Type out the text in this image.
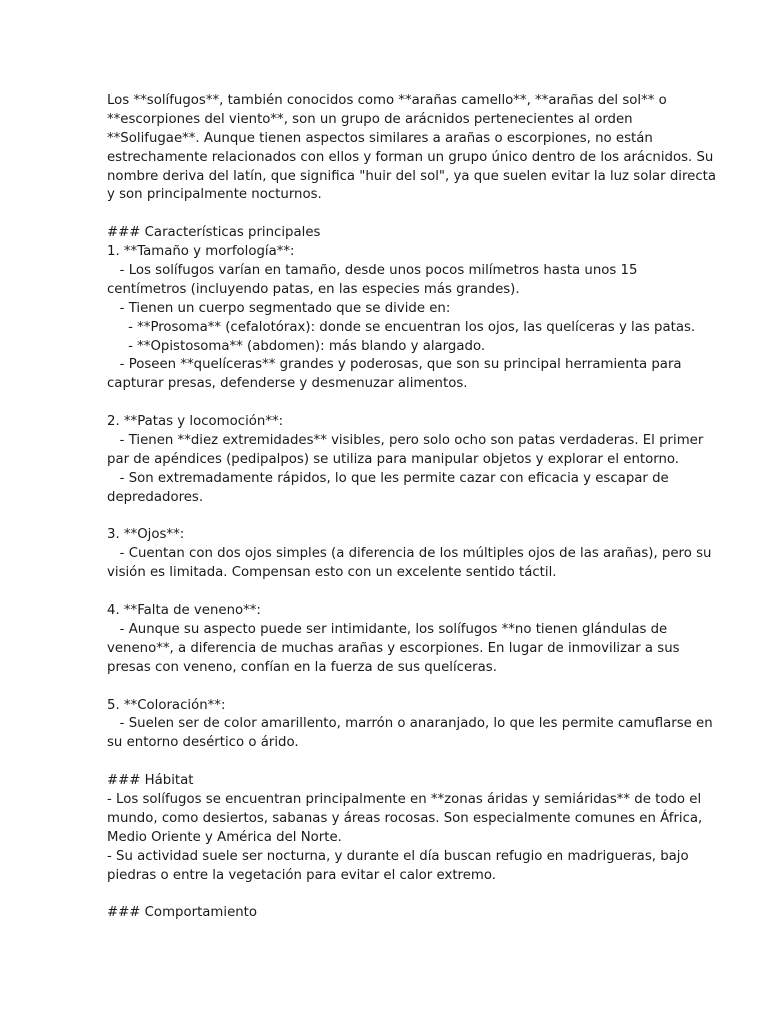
Los **solífugos**, también conocidos como **arañas camello**, **arañas del sol** o
**escorpiones del viento**, son un grupo de arácnidos pertenecientes al orden
**Solifugae**. Aunque tienen aspectos similares a arañas o escorpiones, no están
estrechamente relacionados con ellos y forman un grupo único dentro de los arácnidos. Su
nombre deriva del latín, que significa "huir del sol", ya que suelen evitar la luz solar directa
y son principalmente nocturnos.
### Características principales
1. **Tamaño y morfología**:
- Los solífugos varían en tamaño, desde unos pocos milímetros hasta unos 15
centímetros (incluyendo patas, en las especies más grandes).
- Tienen un cuerpo segmentado que se divide en:
- **Prosoma** (cefalotórax): donde se encuentran los ojos, las quelíceras y las patas.
- **Opistosoma** (abdomen): más blando y alargado.
- Poseen **quelíceras** grandes y poderosas, que son su principal herramienta para
capturar presas, defenderse y desmenuzar alimentos.
2. **Patas y locomoción**:
- Tienen **diez extremidades** visibles, pero solo ocho son patas verdaderas. El primer
par de apéndices (pedipalpos) se utiliza para manipular objetos y explorar el entorno.
- Son extremadamente rápidos, lo que les permite cazar con eficacia y escapar de
depredadores.
3. **Ojos**:
- Cuentan con dos ojos simples (a diferencia de los múltiples ojos de las arañas), pero su
visión es limitada. Compensan esto con un excelente sentido táctil.
4. **Falta de veneno**:
- Aunque su aspecto puede ser intimidante, los solífugos **no tienen glándulas de
veneno**, a diferencia de muchas arañas y escorpiones. En lugar de inmovilizar a sus
presas con veneno, confían en la fuerza de sus quelíceras.
5. **Coloración**:
- Suelen ser de color amarillento, marrón o anaranjado, lo que les permite camuflarse en
su entorno desértico o árido.
### Hábitat
- Los solífugos se encuentran principalmente en **zonas áridas y semiáridas** de todo el
mundo, como desiertos, sabanas y áreas rocosas. Son especialmente comunes en África,
Medio Oriente y América del Norte.
- Su actividad suele ser nocturna, y durante el día buscan refugio en madrigueras, bajo
piedras o entre la vegetación para evitar el calor extremo.
### Comportamiento
